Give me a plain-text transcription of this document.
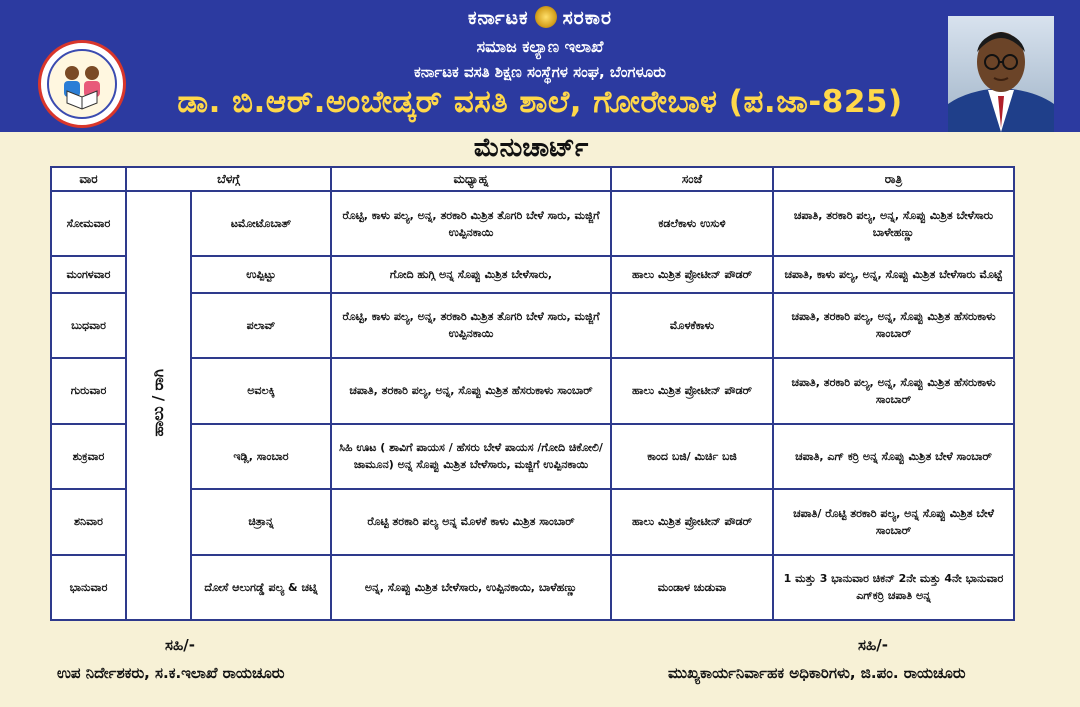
ಕರ್ನಾಟಕ ಸರಕಾರ
ಸಮಾಜ ಕಲ್ಯಾಣ ಇಲಾಖೆ
ಕರ್ನಾಟಕ ವಸತಿ ಶಿಕ್ಷಣ ಸಂಸ್ಥೆಗಳ ಸಂಘ, ಬೆಂಗಳೂರು
ಡಾ. ಬಿ.ಆರ್.ಅಂಬೇಡ್ಕರ್ ವಸತಿ ಶಾಲೆ, ಗೋರೇಬಾಳ (ಪ.ಜಾ-825)
ಮೆನುಚಾರ್ಟ್
ವಾರ	ಬೆಳಗ್ಗೆ		ಮಧ್ಯಾಹ್ನ	ಸಂಜೆ	ರಾತ್ರಿ
ಸೋಮವಾರ	ಹಾಲು / ರಾಗಿ	ಟಮೋಟೊಬಾತ್	ರೊಟ್ಟಿ, ಕಾಳು ಪಲ್ಯ, ಅನ್ನ, ತರಕಾರಿ ಮಿಶ್ರಿತ ತೊಗರಿ ಬೇಳೆ ಸಾರು, ಮಜ್ಜಿಗೆ ಉಪ್ಪಿನಕಾಯಿ	ಕಡಲೆಕಾಳು ಉಸುಳಿ	ಚಪಾತಿ, ತರಕಾರಿ ಪಲ್ಯ, ಅನ್ನ, ಸೊಪ್ಪು ಮಿಶ್ರಿತ ಬೇಳೆಸಾರು ಬಾಳೇಹಣ್ಣು
ಮಂಗಳವಾರ		ಉಪ್ಪಿಟ್ಟು	ಗೋದಿ ಹುಗ್ಗಿ ಅನ್ನ ಸೊಪ್ಪು ಮಿಶ್ರಿತ ಬೇಳೆಸಾರು,	ಹಾಲು ಮಿಶ್ರಿತ ಪ್ರೋಟೀನ್ ಪೌಡರ್	ಚಪಾತಿ, ಕಾಳು ಪಲ್ಯ, ಅನ್ನ, ಸೊಪ್ಪು ಮಿಶ್ರಿತ ಬೇಳೆಸಾರು ಮೊಟ್ಟೆ
ಬುಧವಾರ		ಪಲಾವ್	ರೊಟ್ಟಿ, ಕಾಳು ಪಲ್ಯ, ಅನ್ನ, ತರಕಾರಿ ಮಿಶ್ರಿತ ತೊಗರಿ ಬೇಳೆ ಸಾರು, ಮಜ್ಜಿಗೆ ಉಪ್ಪಿನಕಾಯಿ	ಮೊಳಕೆಕಾಳು	ಚಪಾತಿ, ತರಕಾರಿ ಪಲ್ಯ, ಅನ್ನ, ಸೊಪ್ಪು ಮಿಶ್ರಿತ ಹೆಸರುಕಾಳು ಸಾಂಬಾರ್
ಗುರುವಾರ		ಅವಲಕ್ಕಿ	ಚಪಾತಿ, ತರಕಾರಿ ಪಲ್ಯ, ಅನ್ನ, ಸೊಪ್ಪು ಮಿಶ್ರಿತ ಹೆಸರುಕಾಳು ಸಾಂಬಾರ್	ಹಾಲು ಮಿಶ್ರಿತ ಪ್ರೋಟೀನ್ ಪೌಡರ್	ಚಪಾತಿ, ತರಕಾರಿ ಪಲ್ಯ, ಅನ್ನ, ಸೊಪ್ಪು ಮಿಶ್ರಿತ ಹೆಸರುಕಾಳು ಸಾಂಬಾರ್
ಶುಕ್ರವಾರ		ಇಡ್ಲಿ, ಸಾಂಬಾರ	ಸಿಹಿ ಊಟ ( ಶಾವಿಗೆ ಪಾಯಸ / ಹೆಸರು ಬೇಳೆ ಪಾಯಸ /ಗೋದಿ ಚಿಕೋಲಿ/ ಜಾಮೂನ) ಅನ್ನ ಸೊಪ್ಪು ಮಿಶ್ರಿತ ಬೇಳೆಸಾರು, ಮಜ್ಜಿಗೆ ಉಪ್ಪಿನಕಾಯಿ	ಕಾಂದ ಬಜಿ/ ಮಿರ್ಚಿ ಬಜಿ	ಚಪಾತಿ, ಎಗ್ ಕರ್‍ರಿ ಅನ್ನ ಸೊಪ್ಪು ಮಿಶ್ರಿತ ಬೇಳೆ ಸಾಂಬಾರ್
ಶನಿವಾರ		ಚಿತ್ರಾನ್ನ	ರೊಟ್ಟಿ ತರಕಾರಿ ಪಲ್ಯ ಅನ್ನ ಮೊಳಕೆ ಕಾಳು ಮಿಶ್ರಿತ ಸಾಂಬಾರ್	ಹಾಲು ಮಿಶ್ರಿತ ಪ್ರೋಟೀನ್ ಪೌಡರ್	ಚಪಾತಿ/ ರೊಟ್ಟಿ ತರಕಾರಿ ಪಲ್ಯ, ಅನ್ನ ಸೊಪ್ಪು ಮಿಶ್ರಿತ ಬೇಳೆ ಸಾಂಬಾರ್
ಭಾನುವಾರ		ದೋಸೆ ಆಲುಗಡ್ಡೆ ಪಲ್ಯ & ಚಟ್ನಿ	ಅನ್ನ, ಸೊಪ್ಪು ಮಿಶ್ರಿತ ಬೇಳೆಸಾರು, ಉಪ್ಪಿನಕಾಯಿ, ಬಾಳೆಹಣ್ಣು	ಮಂಡಾಳ ಚುಡುವಾ	1 ಮತ್ತು 3 ಭಾನುವಾರ ಚಿಕನ್ 2ನೇ ಮತ್ತು 4ನೇ ಭಾನುವಾರ ಎಗ್‌ಕರ್‍ರಿ ಚಪಾತಿ ಅನ್ನ
ಸಹಿ/-
ಉಪ ನಿರ್ದೇಶಕರು, ಸ.ಕ.ಇಲಾಖೆ ರಾಯಚೂರು
ಸಹಿ/-
ಮುಖ್ಯಕಾರ್ಯನಿರ್ವಾಹಕ ಅಧಿಕಾರಿಗಳು, ಜಿ.ಪಂ. ರಾಯಚೂರು
